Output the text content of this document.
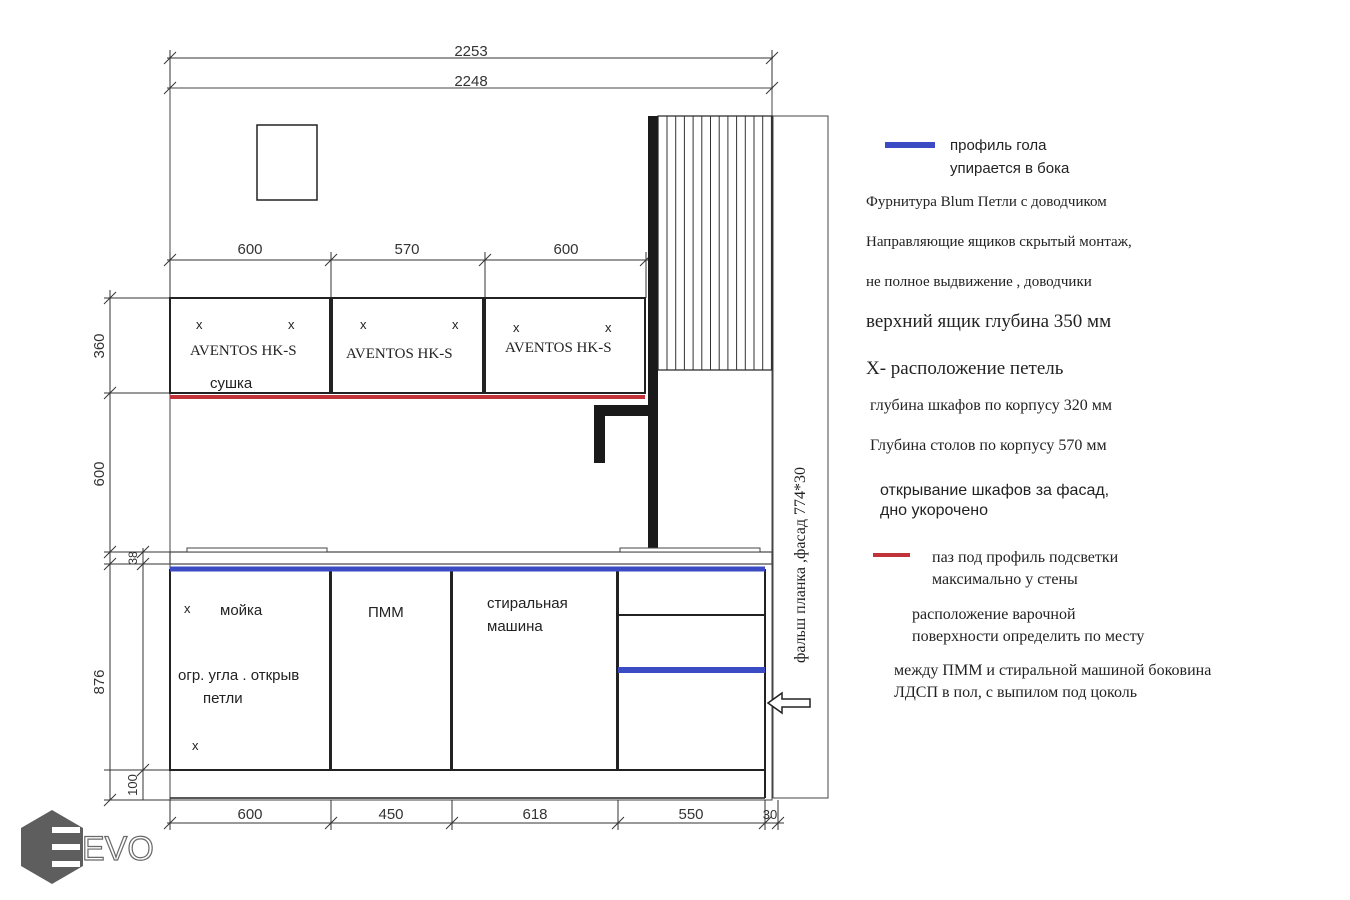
2253
2248
600	570	600
360
600
38
876
100
x	x
AVENTOS HK-S
сушка
x	x
AVENTOS HK-S
x	x
AVENTOS HK-S
фальш планка ,фасад 774*30
x мойка
огр. угла . открыв
петли
x
ПММ
стиральная
машина
600	450	618	550	30
профиль гола
упирается в бока
паз под профиль подсветки
максимально у стены
Фурнитура Blum Петли с доводчиком
Направляющие ящиков скрытый монтаж,
не полное выдвижение , доводчики
верхний ящик глубина 350 мм
Х- расположение петель
глубина шкафов по корпусу 320 мм
Глубина столов по корпусу 570 мм
открывание шкафов за фасад,
дно укорочено
расположение варочной
поверхности определить по месту
между ПММ и стиральной машиной боковина
ЛДСП в пол, с выпилом под цоколь
EVO
